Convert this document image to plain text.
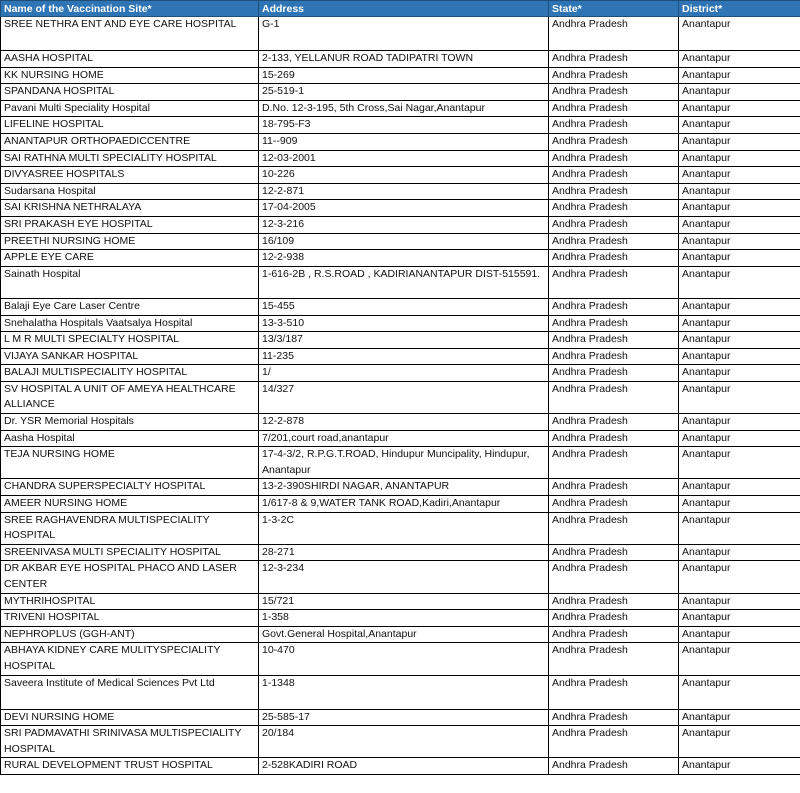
Name of the Vaccination Site*	Address	State*	District*
SREE NETHRA ENT AND EYE CARE HOSPITAL	G-1	Andhra Pradesh	Anantapur
AASHA HOSPITAL	2-133, YELLANUR ROAD TADIPATRI TOWN	Andhra Pradesh	Anantapur
KK NURSING HOME	15-269	Andhra Pradesh	Anantapur
SPANDANA HOSPITAL	25-519-1	Andhra Pradesh	Anantapur
Pavani Multi Speciality Hospital	D.No. 12-3-195, 5th Cross,Sai Nagar,Anantapur	Andhra Pradesh	Anantapur
LIFELINE HOSPITAL	18-795-F3	Andhra Pradesh	Anantapur
ANANTAPUR ORTHOPAEDICCENTRE	11--909	Andhra Pradesh	Anantapur
SAI RATHNA MULTI SPECIALITY HOSPITAL	12-03-2001	Andhra Pradesh	Anantapur
DIVYASREE HOSPITALS	10-226	Andhra Pradesh	Anantapur
Sudarsana Hospital	12-2-871	Andhra Pradesh	Anantapur
SAI KRISHNA NETHRALAYA	17-04-2005	Andhra Pradesh	Anantapur
SRI PRAKASH EYE HOSPITAL	12-3-216	Andhra Pradesh	Anantapur
PREETHI NURSING HOME	16/109	Andhra Pradesh	Anantapur
APPLE EYE CARE	12-2-938	Andhra Pradesh	Anantapur
Sainath Hospital	1-616-2B , R.S.ROAD , KADIRIANANTAPUR DIST-515591.	Andhra Pradesh	Anantapur
Balaji Eye Care Laser Centre	15-455	Andhra Pradesh	Anantapur
Snehalatha Hospitals Vaatsalya Hospital	13-3-510	Andhra Pradesh	Anantapur
L M R MULTI SPECIALTY HOSPITAL	13/3/187	Andhra Pradesh	Anantapur
VIJAYA SANKAR HOSPITAL	11-235	Andhra Pradesh	Anantapur
BALAJI MULTISPECIALITY HOSPITAL	1/	Andhra Pradesh	Anantapur
SV HOSPITAL A UNIT OF AMEYA HEALTHCARE ALLIANCE	14/327	Andhra Pradesh	Anantapur
Dr. YSR Memorial Hospitals	12-2-878	Andhra Pradesh	Anantapur
Aasha Hospital	7/201,court road,anantapur	Andhra Pradesh	Anantapur
TEJA NURSING HOME	17-4-3/2, R.P.G.T.ROAD, Hindupur Muncipality, Hindupur, Anantapur	Andhra Pradesh	Anantapur
CHANDRA SUPERSPECIALTY HOSPITAL	13-2-390SHIRDI NAGAR, ANANTAPUR	Andhra Pradesh	Anantapur
AMEER NURSING HOME	1/617-8 & 9,WATER TANK ROAD,Kadiri,Anantapur	Andhra Pradesh	Anantapur
SREE RAGHAVENDRA MULTISPECIALITY HOSPITAL	1-3-2C	Andhra Pradesh	Anantapur
SREENIVASA MULTI SPECIALITY HOSPITAL	28-271	Andhra Pradesh	Anantapur
DR AKBAR EYE HOSPITAL PHACO AND LASER CENTER	12-3-234	Andhra Pradesh	Anantapur
MYTHRIHOSPITAL	15/721	Andhra Pradesh	Anantapur
TRIVENI HOSPITAL	1-358	Andhra Pradesh	Anantapur
NEPHROPLUS (GGH-ANT)	Govt.General Hospital,Anantapur	Andhra Pradesh	Anantapur
ABHAYA KIDNEY CARE MULITYSPECIALITY HOSPITAL	10-470	Andhra Pradesh	Anantapur
Saveera Institute of Medical Sciences Pvt Ltd	1-1348	Andhra Pradesh	Anantapur
DEVI NURSING HOME	25-585-17	Andhra Pradesh	Anantapur
SRI PADMAVATHI SRINIVASA MULTISPECIALITY HOSPITAL	20/184	Andhra Pradesh	Anantapur
RURAL DEVELOPMENT TRUST HOSPITAL	2-528KADIRI ROAD	Andhra Pradesh	Anantapur
